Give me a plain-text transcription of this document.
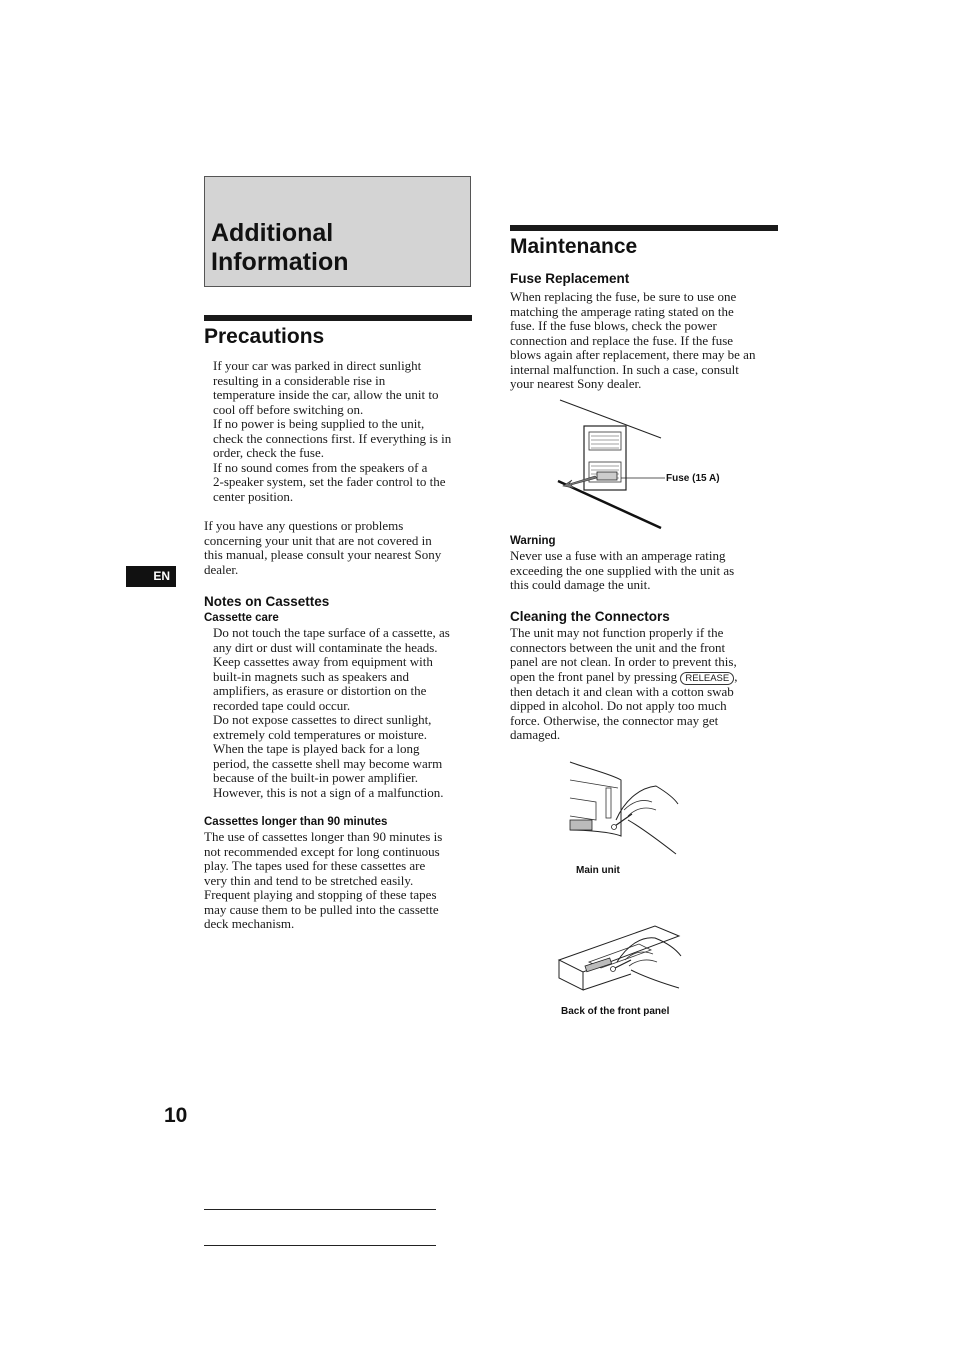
Additional
Information
Precautions
If your car was parked in direct sunlight
resulting in a considerable rise in
temperature inside the car, allow the unit to
cool off before switching on.
If no power is being supplied to the unit,
check the connections first. If everything is in
order, check the fuse.
If no sound comes from the speakers of a
2-speaker system, set the fader control to the
center position.
If you have any questions or problems
concerning your unit that are not covered in
this manual, please consult your nearest Sony
dealer.
EN
Notes on Cassettes
Cassette care
Do not touch the tape surface of a cassette, as
any dirt or dust will contaminate the heads.
Keep cassettes away from equipment with
built-in magnets such as speakers and
amplifiers, as erasure or distortion on the
recorded tape could occur.
Do not expose cassettes to direct sunlight,
extremely cold temperatures or moisture.
When the tape is played back for a long
period, the cassette shell may become warm
because of the built-in power amplifier.
However, this is not a sign of a malfunction.
Cassettes longer than 90 minutes
The use of cassettes longer than 90 minutes is
not recommended except for long continuous
play. The tapes used for these cassettes are
very thin and tend to be stretched easily.
Frequent playing and stopping of these tapes
may cause them to be pulled into the cassette
deck mechanism.
Maintenance
Fuse Replacement
When replacing the fuse, be sure to use one
matching the amperage rating stated on the
fuse. If the fuse blows, check the power
connection and replace the fuse. If the fuse
blows again after replacement, there may be an
internal malfunction. In such a case, consult
your nearest Sony dealer.
Fuse (15 A)
Warning
Never use a fuse with an amperage rating
exceeding the one supplied with the unit as
this could damage the unit.
Cleaning the Connectors
The unit may not function properly if the
connectors between the unit and the front
panel are not clean. In order to prevent this,
open the front panel by pressing RELEASE ,
then detach it and clean with a cotton swab
dipped in alcohol. Do not apply too much
force. Otherwise, the connector may get
damaged.
Main unit
Back of the front panel
10
